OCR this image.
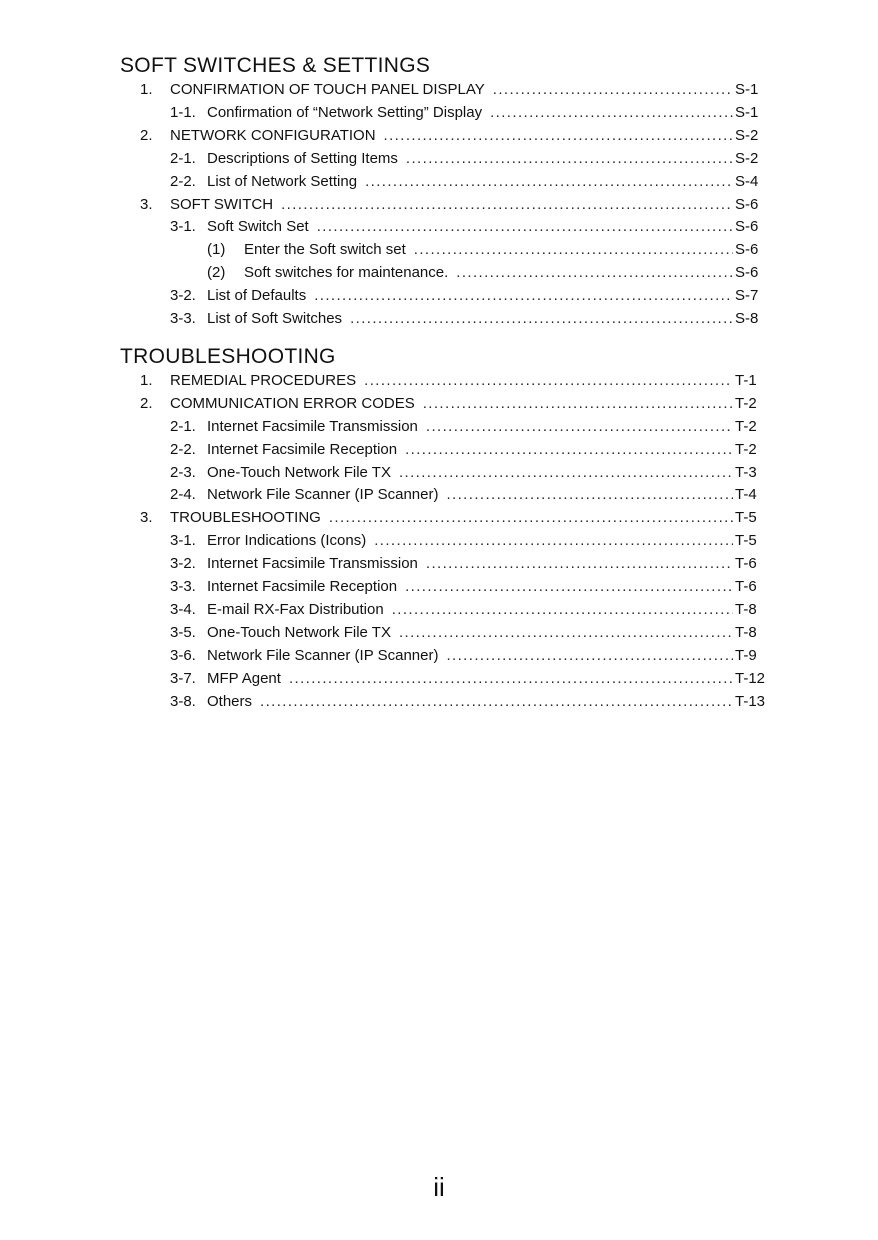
SOFT SWITCHES & SETTINGS
1.	CONFIRMATION OF TOUCH PANEL DISPLAY .....	S-1
1-1. Confirmation of “Network Setting” Display .....	S-1
2.	NETWORK CONFIGURATION .....	S-2
2-1. Descriptions of Setting Items .....	S-2
2-2. List of Network Setting .....	S-4
3.	SOFT SWITCH .....	S-6
3-1. Soft Switch Set .....	S-6
(1)	Enter the Soft switch set .....	S-6
(2)	Soft switches for maintenance. .....	S-6
3-2. List of Defaults .....	S-7
3-3. List of Soft Switches .....	S-8
TROUBLESHOOTING
1.	REMEDIAL PROCEDURES .....	T-1
2.	COMMUNICATION ERROR CODES .....	T-2
2-1. Internet Facsimile Transmission .....	T-2
2-2. Internet Facsimile Reception .....	T-2
2-3. One-Touch Network File TX .....	T-3
2-4. Network File Scanner (IP Scanner) .....	T-4
3.	TROUBLESHOOTING .....	T-5
3-1. Error Indications (Icons) .....	T-5
3-2. Internet Facsimile Transmission .....	T-6
3-3. Internet Facsimile Reception .....	T-6
3-4. E-mail RX-Fax Distribution .....	T-8
3-5. One-Touch Network File TX .....	T-8
3-6. Network File Scanner (IP Scanner) .....	T-9
3-7. MFP Agent .....	T-12
3-8. Others .....	T-13
ii
